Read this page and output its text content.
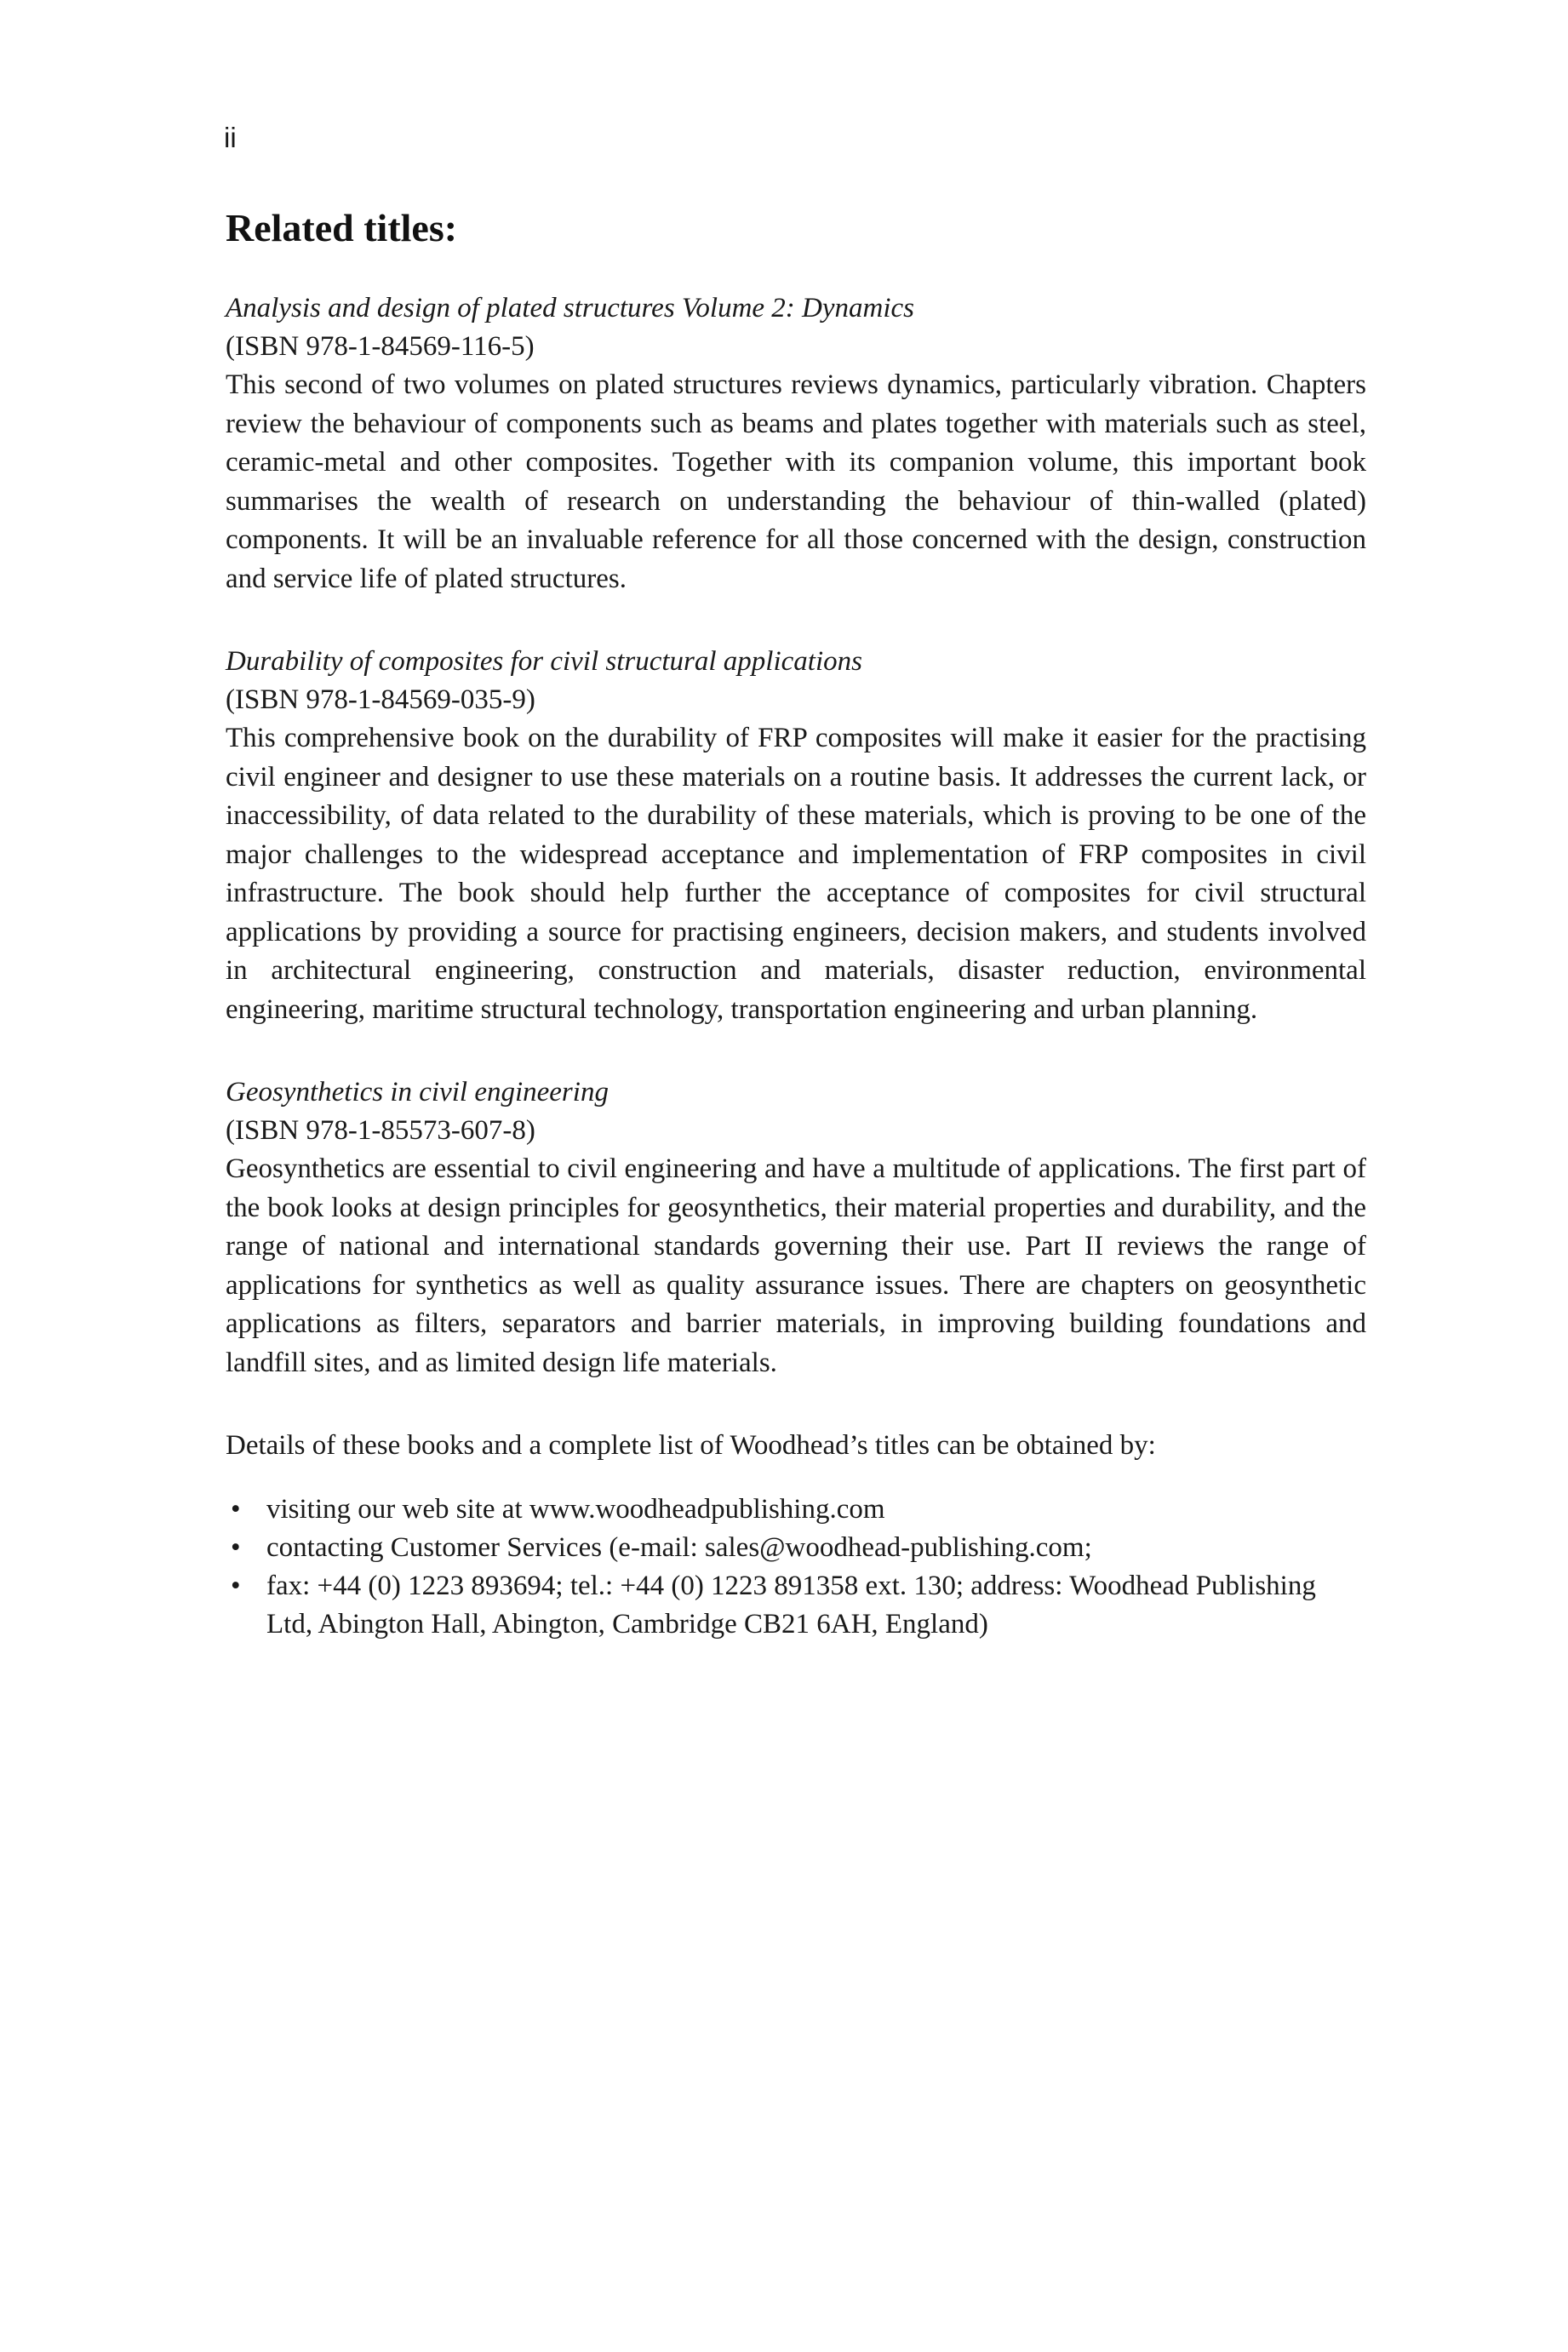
ii
Related titles:

Analysis and design of plated structures Volume 2: Dynamics

(ISBN 978-1-84569-116-5)

This second of two volumes on plated structures reviews dynamics, particularly vibration. Chapters review the behaviour of components such as beams and plates together with materials such as steel, ceramic-metal and other composites. Together with its companion volume, this important book summarises the wealth of research on understanding the behaviour of thin-walled (plated) components. It will be an invaluable reference for all those concerned with the design, construction and service life of plated structures.

Durability of composites for civil structural applications

(ISBN 978-1-84569-035-9)

This comprehensive book on the durability of FRP composites will make it easier for the practising civil engineer and designer to use these materials on a routine basis. It addresses the current lack, or inaccessibility, of data related to the durability of these materials, which is proving to be one of the major challenges to the widespread acceptance and implementation of FRP composites in civil infrastructure. The book should help further the acceptance of composites for civil structural applications by providing a source for practising engineers, decision makers, and students involved in architectural engineering, construction and materials, disaster reduction, environmental engineering, maritime structural technology, transportation engineering and urban planning.

Geosynthetics in civil engineering

(ISBN 978-1-85573-607-8)

Geosynthetics are essential to civil engineering and have a multitude of applications. The first part of the book looks at design principles for geosynthetics, their material properties and durability, and the range of national and international standards governing their use. Part II reviews the range of applications for synthetics as well as quality assurance issues. There are chapters on geosynthetic applications as filters, separators and barrier materials, in improving building foundations and landfill sites, and as limited design life materials.

Details of these books and a complete list of Woodhead’s titles can be obtained by:

• visiting our web site at www.woodheadpublishing.com
• contacting Customer Services (e-mail: sales@woodhead-publishing.com;
• fax: +44 (0) 1223 893694; tel.: +44 (0) 1223 891358 ext. 130; address: Woodhead Publishing Ltd, Abington Hall, Abington, Cambridge CB21 6AH, England)
